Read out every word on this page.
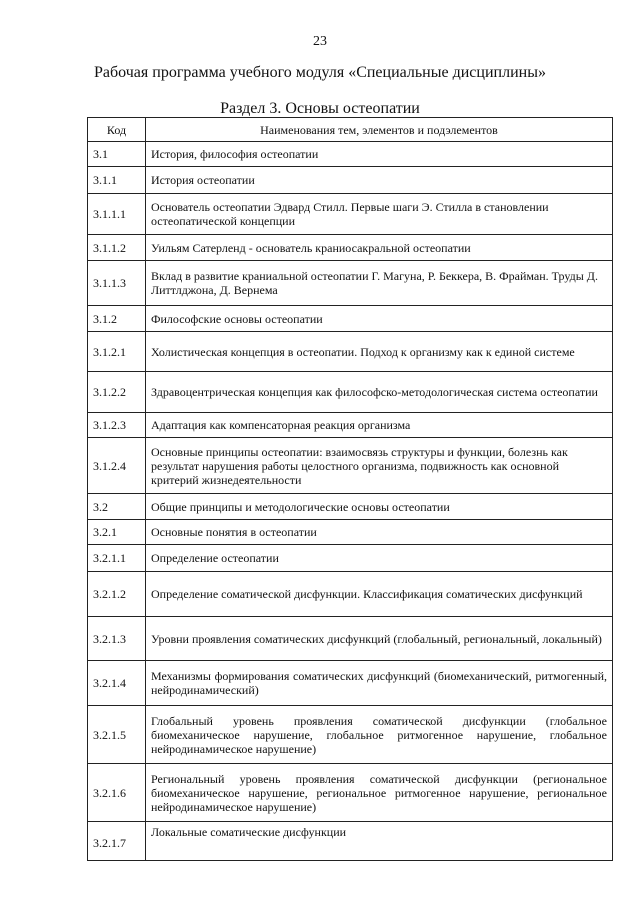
23
Рабочая программа учебного модуля «Специальные дисциплины»
Раздел 3. Основы остеопатии
Код	Наименования тем, элементов и подэлементов
3.1	История, философия остеопатии
3.1.1	История остеопатии
3.1.1.1	Основатель остеопатии Эдвард Стилл. Первые шаги Э. Стилла в становлении остеопатической концепции
3.1.1.2	Уильям Сатерленд - основатель краниосакральной остеопатии
3.1.1.3	Вклад в развитие краниальной остеопатии Г. Магуна, Р. Беккера, В. Фрайман. Труды Д. Литтлджона, Д. Вернема
3.1.2	Философские основы остеопатии
3.1.2.1	Холистическая концепция в остеопатии. Подход к организму как к единой системе
3.1.2.2	Здравоцентрическая концепция как философско-методологическая система остеопатии
3.1.2.3	Адаптация как компенсаторная реакция организма
3.1.2.4	Основные принципы остеопатии: взаимосвязь структуры и функции, болезнь как результат нарушения работы целостного организма, подвижность как основной критерий жизнедеятельности
3.2	Общие принципы и методологические основы остеопатии
3.2.1	Основные понятия в остеопатии
3.2.1.1	Определение остеопатии
3.2.1.2	Определение соматической дисфункции. Классификация соматических дисфункций
3.2.1.3	Уровни проявления соматических дисфункций (глобальный, региональный, локальный)
3.2.1.4	Механизмы формирования соматических дисфункций (биомеханический, ритмогенный, нейродинамический)
3.2.1.5	Глобальный уровень проявления соматической дисфункции (глобальное биомеханическое нарушение, глобальное ритмогенное нарушение, глобальное нейродинамическое нарушение)
3.2.1.6	Региональный уровень проявления соматической дисфункции (региональное биомеханическое нарушение, региональное ритмогенное нарушение, региональное нейродинамическое нарушение)
3.2.1.7	Локальные соматические дисфункции
